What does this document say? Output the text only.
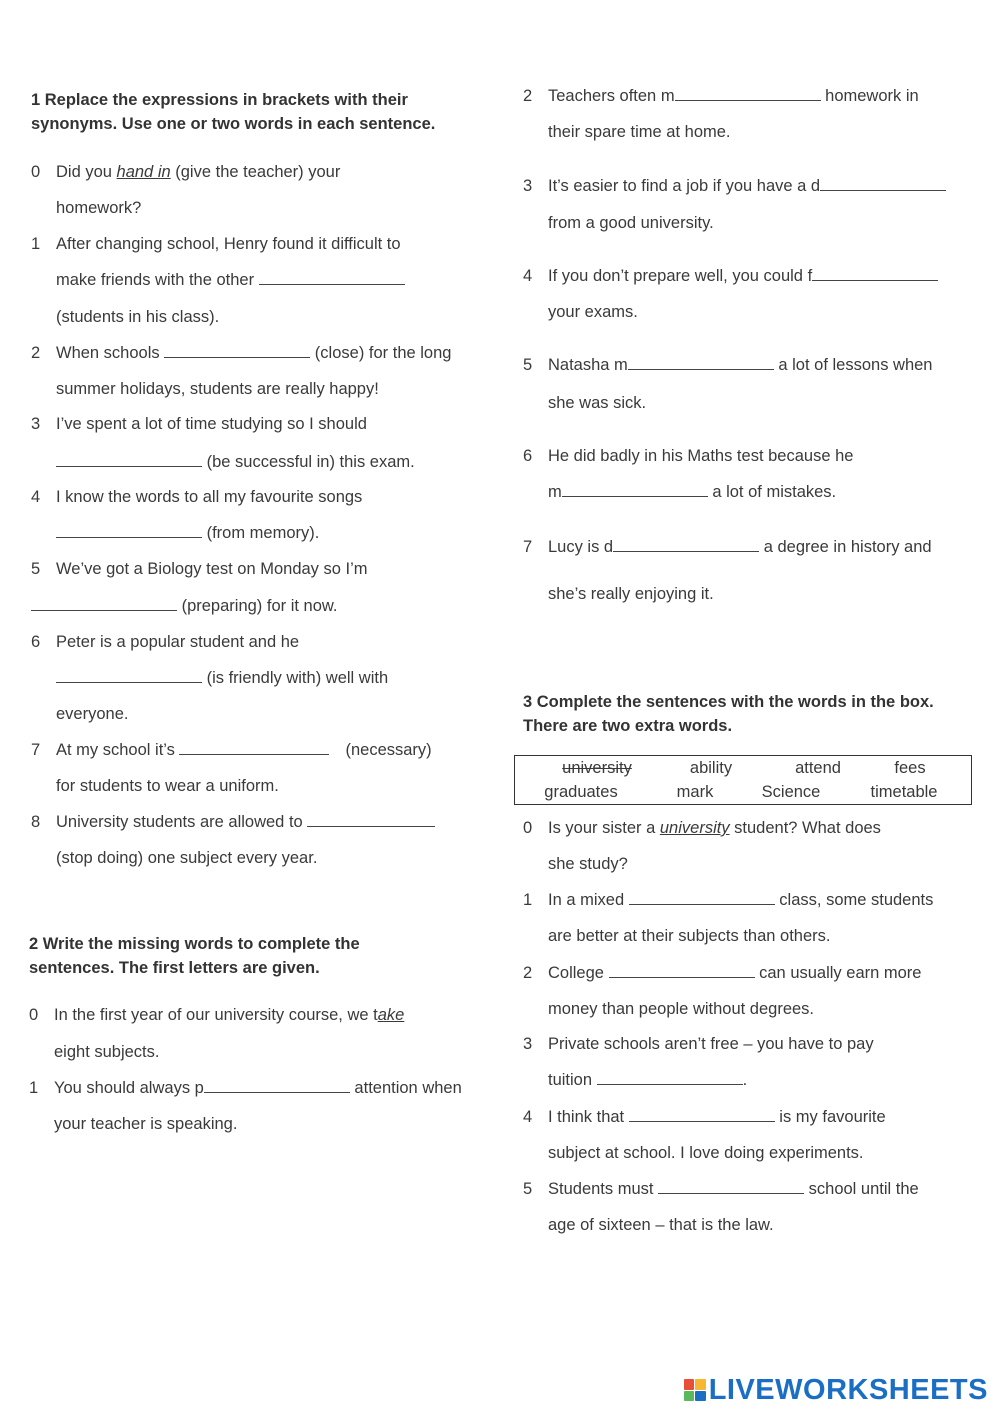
1 Replace the expressions in brackets with their
synonyms. Use one or two words in each sentence.
0 Did you hand in (give the teacher) your
homework?
1 After changing school, Henry found it difficult to
make friends with the other
(students in his class).
2 When schools	(close) for the long
summer holidays, students are really happy!
3 I’ve spent a lot of time studying so I should
(be successful in) this exam.
4 I know the words to all my favourite songs
(from memory).
5 We’ve got a Biology test on Monday so I’m
(preparing) for it now.
6 Peter is a popular student and he
(is friendly with) well with
everyone.
7 At my school it’s	(necessary)
for students to wear a uniform.
8 University students are allowed to
(stop doing) one subject every year.
2 Write the missing words to complete the
sentences. The first letters are given.
0 In the first year of our university course, we take
eight subjects.
1 You should always p	attention when
your teacher is speaking.
2 Teachers often m	homework in
their spare time at home.
3 It’s easier to find a job if you have a d
from a good university.
4 If you don’t prepare well, you could f
your exams.
5 Natasha m	a lot of lessons when
she was sick.
6 He did badly in his Maths test because he
m	a lot of mistakes.
7 Lucy is d	a degree in history and
she’s really enjoying it.
3 Complete the sentences with the words in the box.
There are two extra words.
university	ability	attend	fees
graduates	mark	Science	timetable
0 Is your sister a university student? What does
she study?
1 In a mixed	class, some students
are better at their subjects than others.
2 College	can usually earn more
money than people without degrees.
3 Private schools aren’t free – you have to pay
tuition	.
4 I think that	is my favourite
subject at school. I love doing experiments.
5 Students must	school until the
age of sixteen – that is the law.
LIVEWORKSHEETS
